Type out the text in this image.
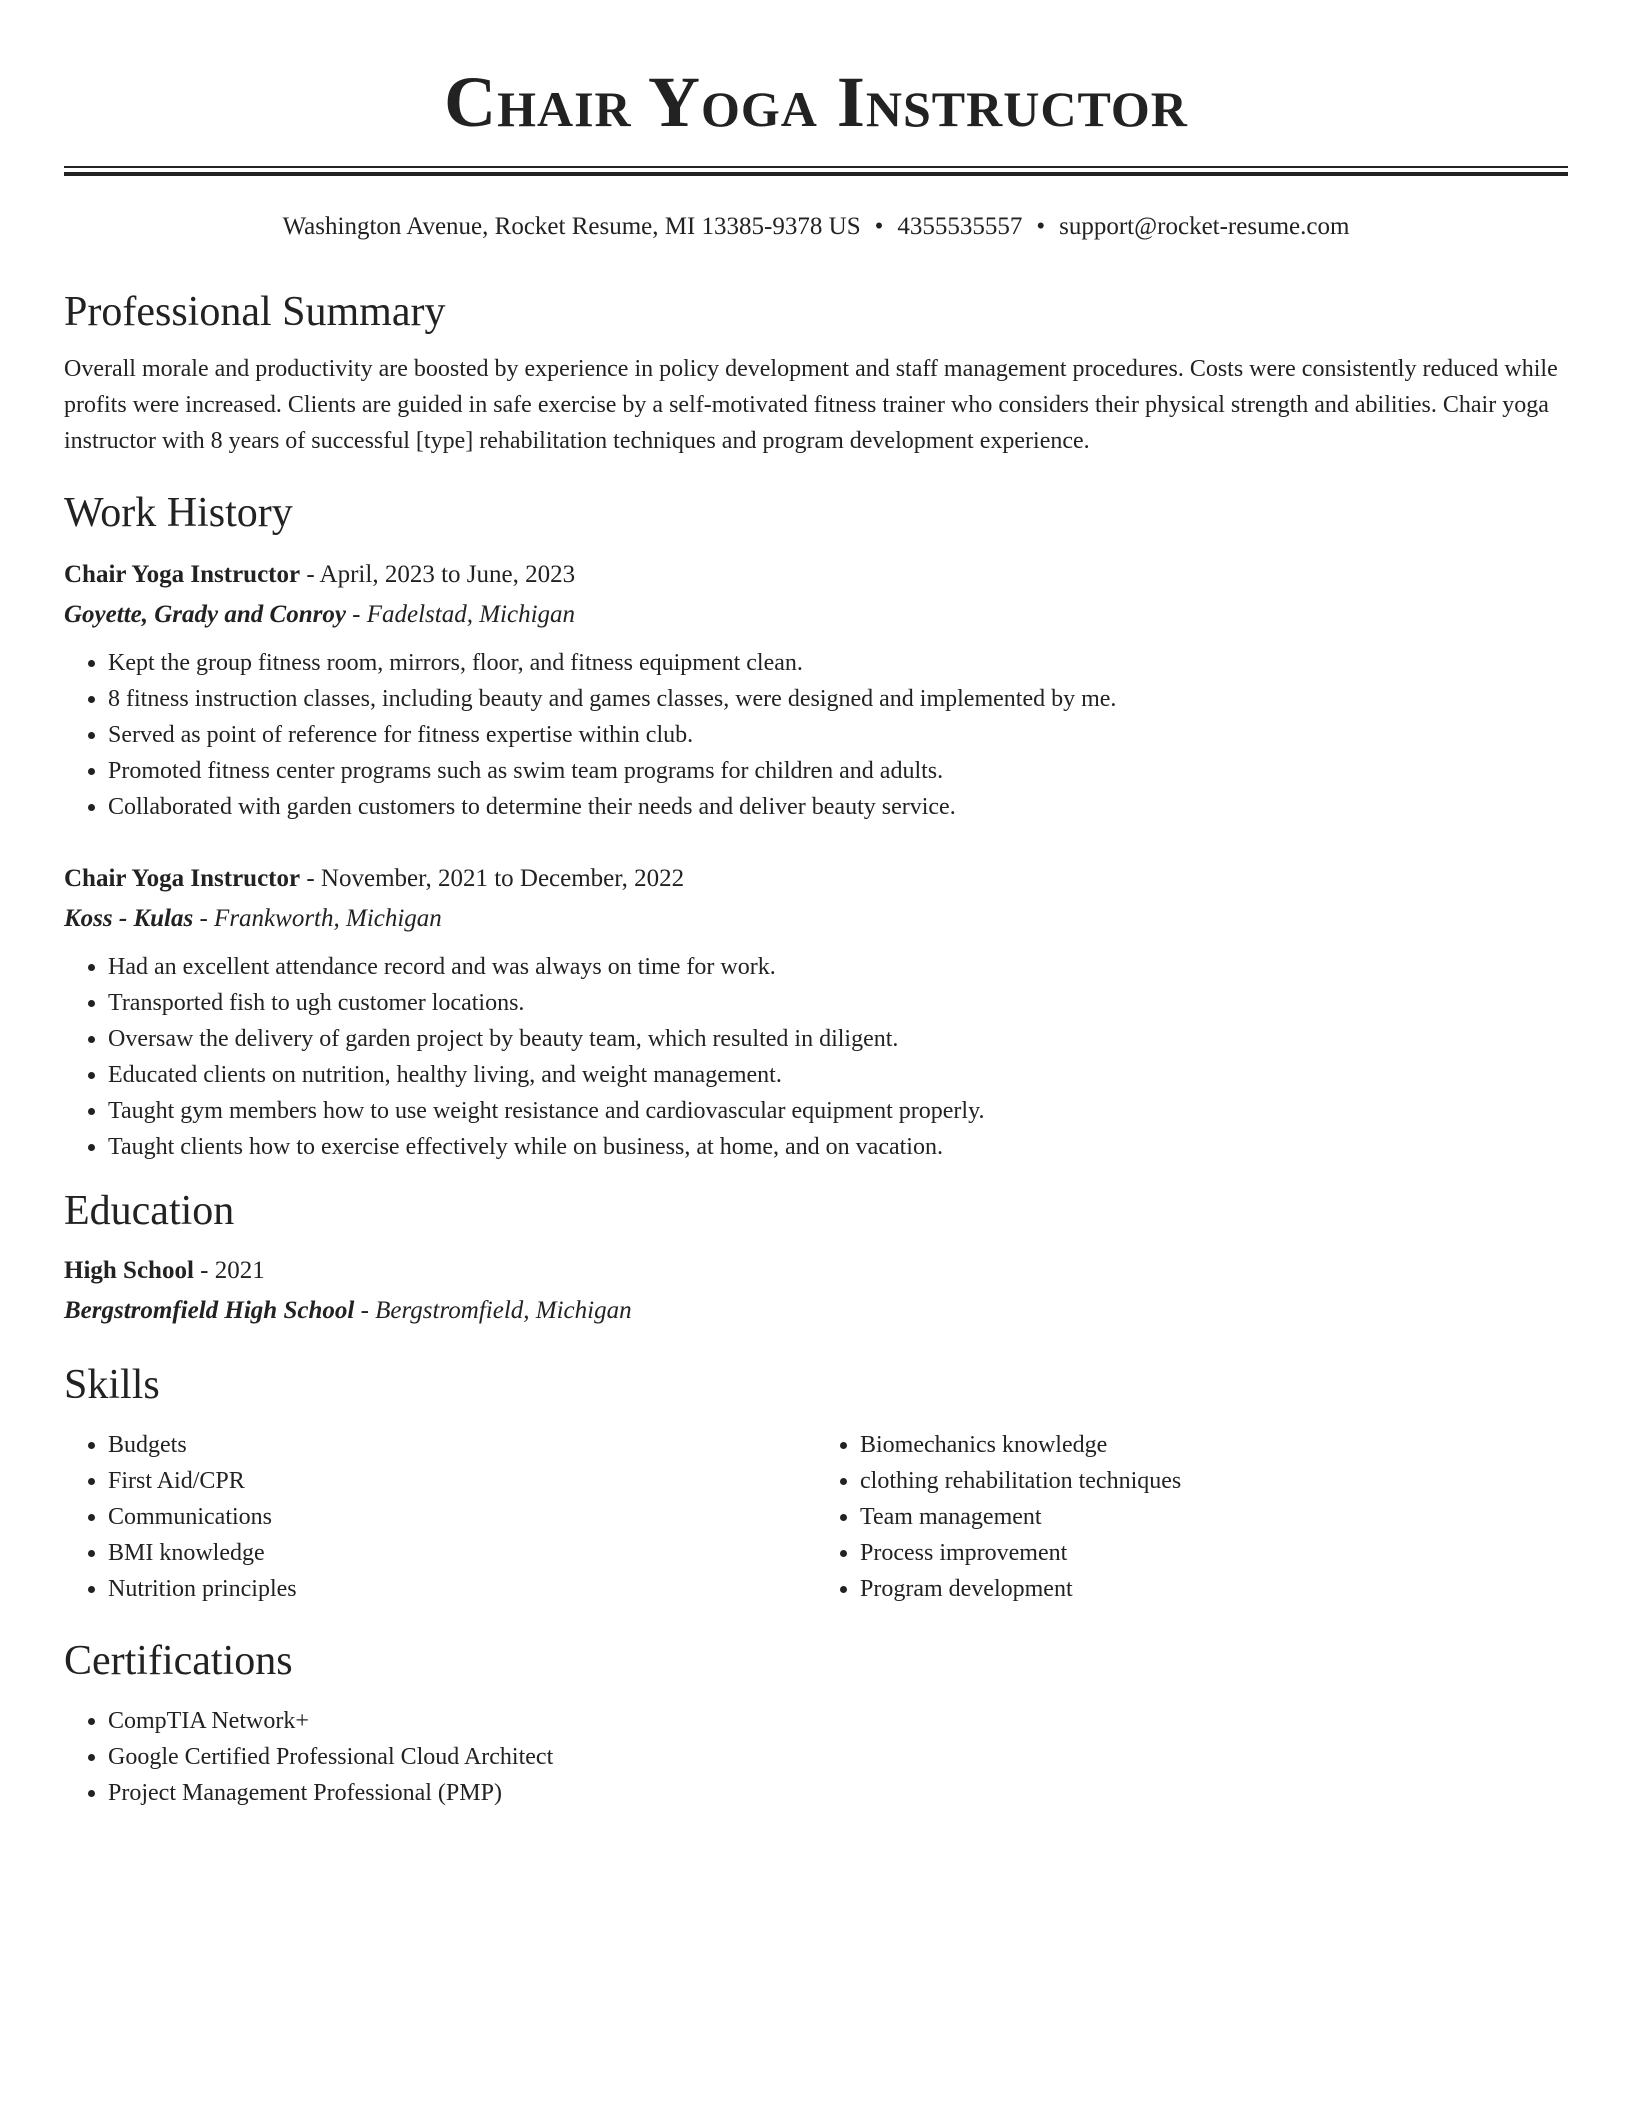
Chair Yoga Instructor
Washington Avenue, Rocket Resume, MI 13385-9378 US • 4355535557 • support@rocket-resume.com
Professional Summary

Overall morale and productivity are boosted by experience in policy development and staff management procedures. Costs were consistently reduced while profits were increased. Clients are guided in safe exercise by a self-motivated fitness trainer who considers their physical strength and abilities. Chair yoga instructor with 8 years of successful [type] rehabilitation techniques and program development experience.

Work History
Chair Yoga Instructor - April, 2023 to June, 2023
Goyette, Grady and Conroy - Fadelstad, Michigan
• Kept the group fitness room, mirrors, floor, and fitness equipment clean.
• 8 fitness instruction classes, including beauty and games classes, were designed and implemented by me.
• Served as point of reference for fitness expertise within club.
• Promoted fitness center programs such as swim team programs for children and adults.
• Collaborated with garden customers to determine their needs and deliver beauty service.
Chair Yoga Instructor - November, 2021 to December, 2022
Koss - Kulas - Frankworth, Michigan
• Had an excellent attendance record and was always on time for work.
• Transported fish to ugh customer locations.
• Oversaw the delivery of garden project by beauty team, which resulted in diligent.
• Educated clients on nutrition, healthy living, and weight management.
• Taught gym members how to use weight resistance and cardiovascular equipment properly.
• Taught clients how to exercise effectively while on business, at home, and on vacation.
Education
High School - 2021
Bergstromfield High School - Bergstromfield, Michigan
Skills
• Budgets
• First Aid/CPR
• Communications
• BMI knowledge
• Nutrition principles
• Biomechanics knowledge
• clothing rehabilitation techniques
• Team management
• Process improvement
• Program development
Certifications
• CompTIA Network+
• Google Certified Professional Cloud Architect
• Project Management Professional (PMP)
